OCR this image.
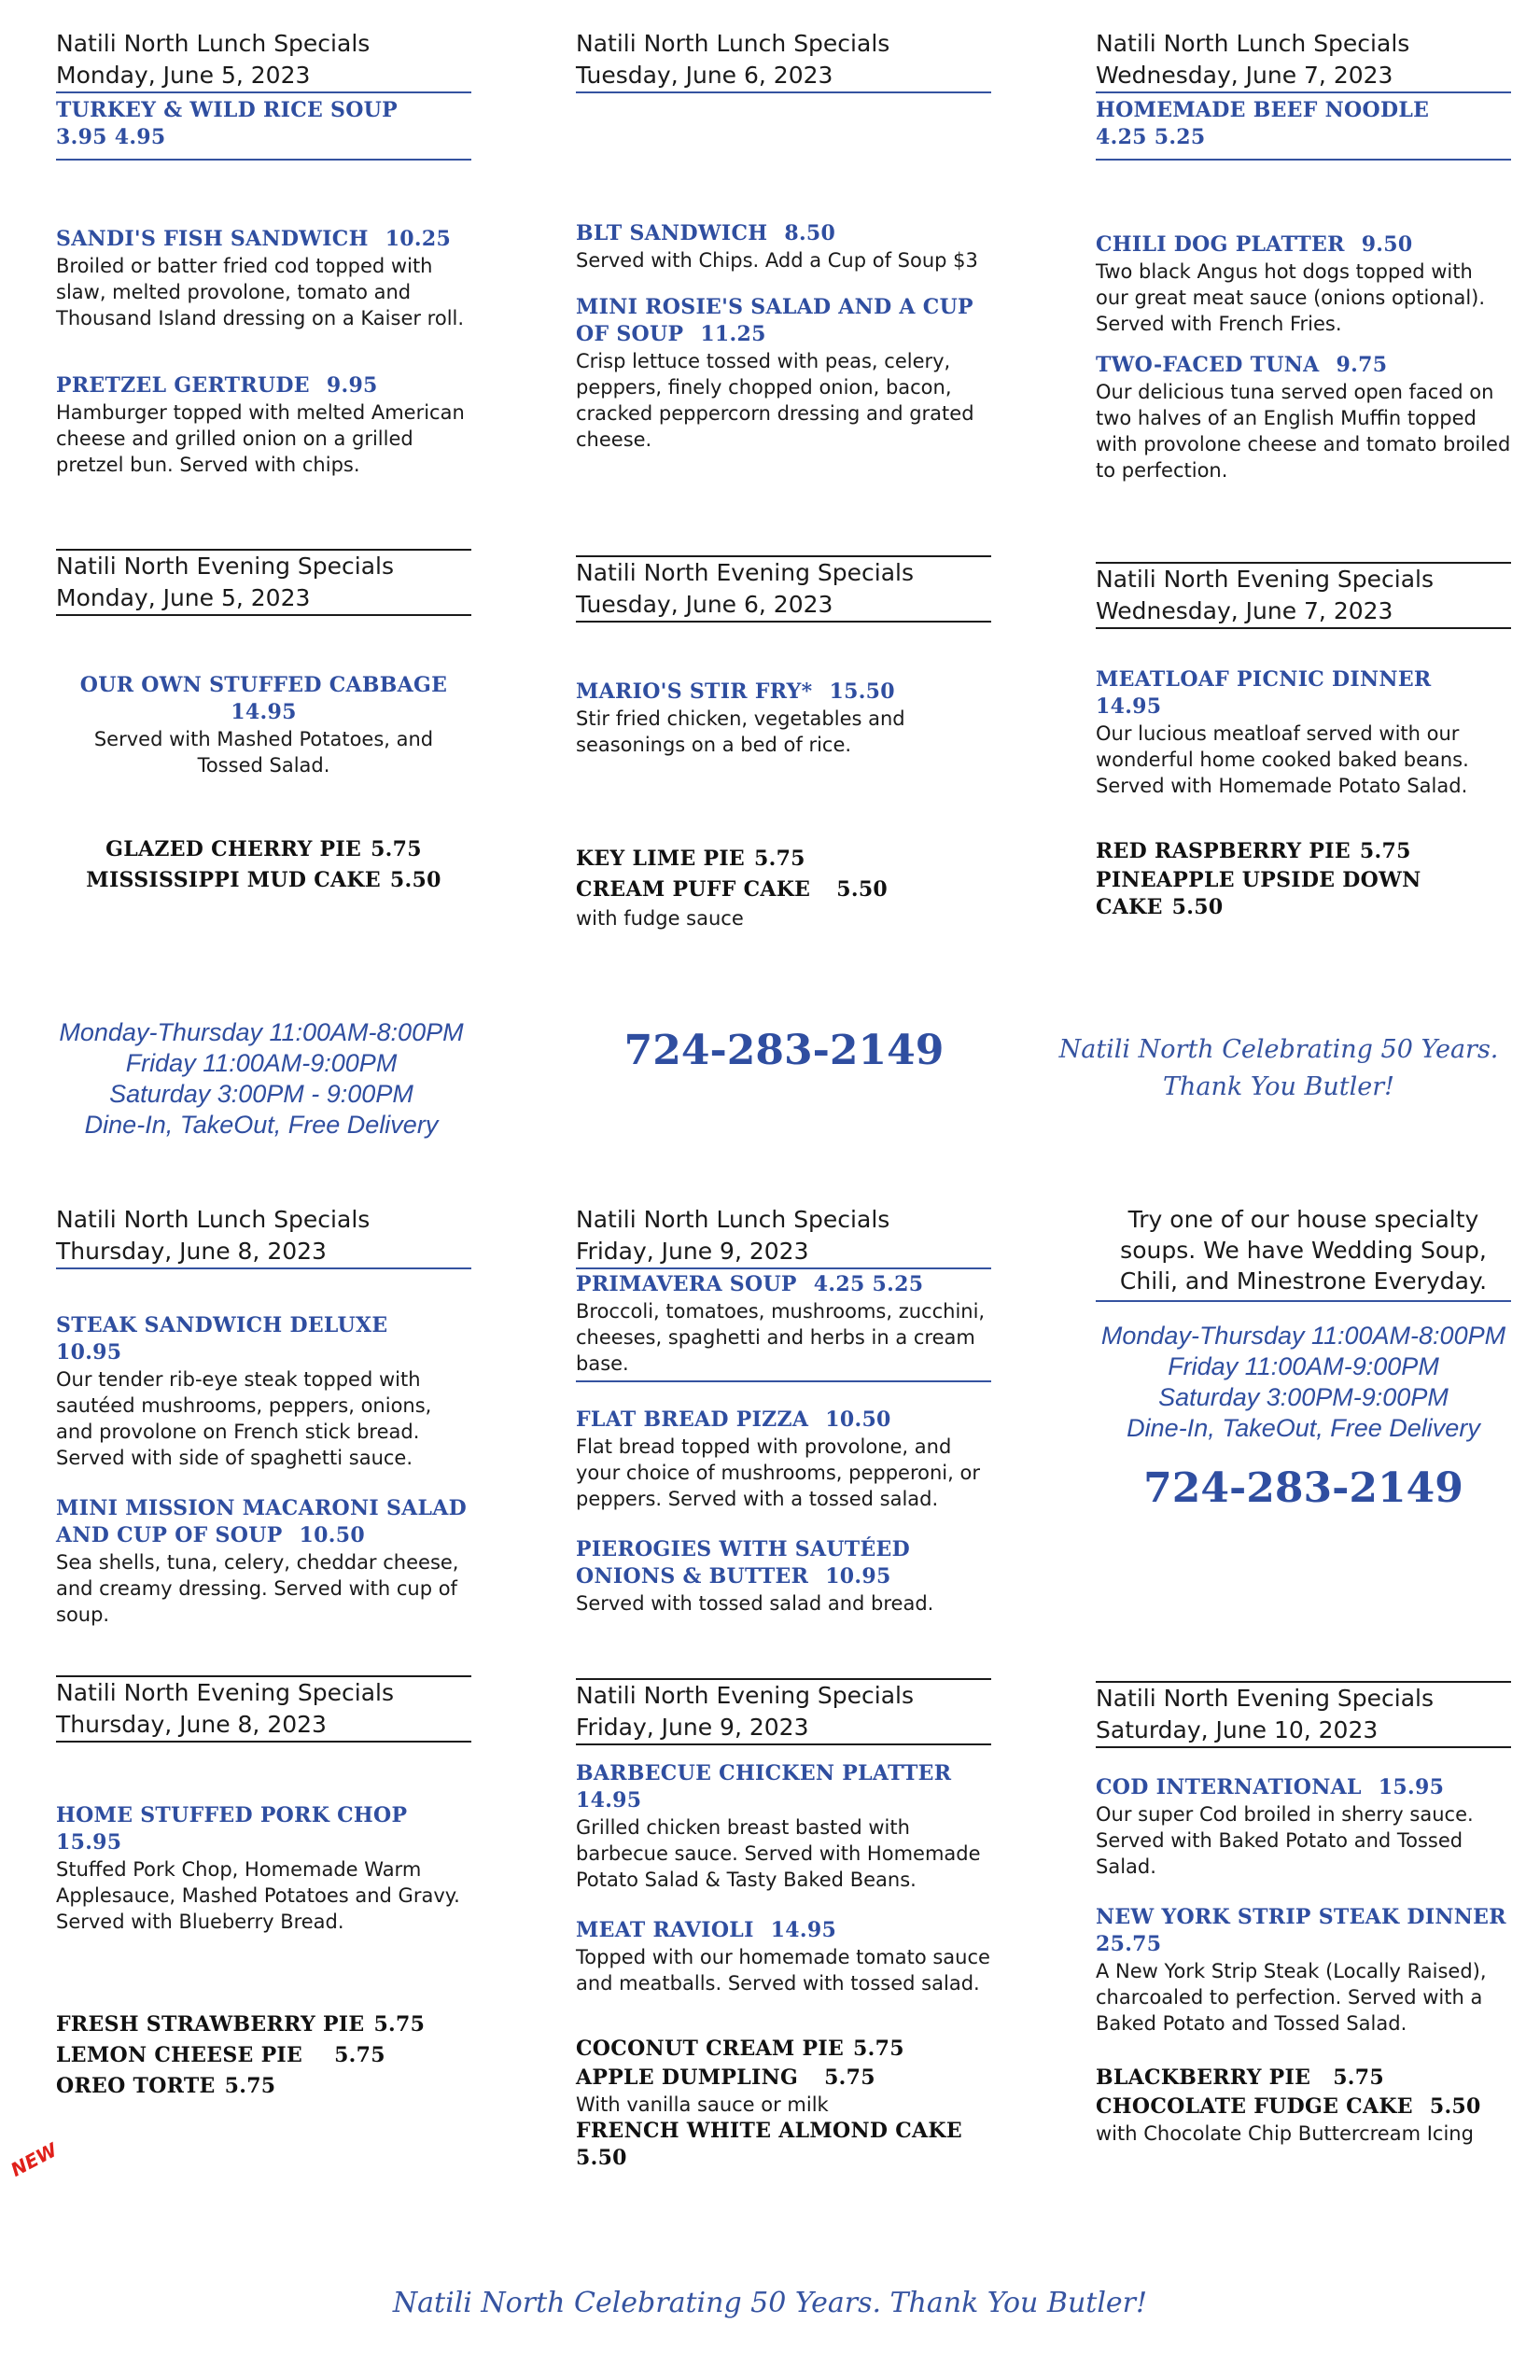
Natili North Lunch Specials
Monday, June 5, 2023
TURKEY & WILD RICE SOUP
3.95 4.95
SANDI'S FISH SANDWICH 10.25
Broiled or batter fried cod topped with slaw, melted provolone, tomato and Thousand Island dressing on a Kaiser roll.
PRETZEL GERTRUDE 9.95
Hamburger topped with melted American cheese and grilled onion on a grilled pretzel bun. Served with chips.
Natili North Lunch Specials
Tuesday, June 6, 2023
BLT SANDWICH 8.50
Served with Chips. Add a Cup of Soup $3
MINI ROSIE'S SALAD AND A CUP OF SOUP 11.25
Crisp lettuce tossed with peas, celery, peppers, finely chopped onion, bacon, cracked peppercorn dressing and grated cheese.
Natili North Lunch Specials
Wednesday, June 7, 2023
HOMEMADE BEEF NOODLE
4.25 5.25
CHILI DOG PLATTER 9.50
Two black Angus hot dogs topped with our great meat sauce (onions optional). Served with French Fries.
TWO-FACED TUNA 9.75
Our delicious tuna served open faced on two halves of an English Muffin topped with provolone cheese and tomato broiled to perfection.
Natili North Evening Specials
Monday, June 5, 2023
OUR OWN STUFFED CABBAGE
14.95
Served with Mashed Potatoes, and Tossed Salad.
GLAZED CHERRY PIE 5.75
MISSISSIPPI MUD CAKE 5.50
Natili North Evening Specials
Tuesday, June 6, 2023
MARIO'S STIR FRY* 15.50
Stir fried chicken, vegetables and seasonings on a bed of rice.
KEY LIME PIE 5.75
CREAM PUFF CAKE 5.50
with fudge sauce
Natili North Evening Specials
Wednesday, June 7, 2023
MEATLOAF PICNIC DINNER
14.95
Our lucious meatloaf served with our wonderful home cooked baked beans. Served with Homemade Potato Salad.
RED RASPBERRY PIE 5.75
PINEAPPLE UPSIDE DOWN CAKE 5.50
Monday-Thursday 11:00AM-8:00PM
Friday 11:00AM-9:00PM
Saturday 3:00PM - 9:00PM
Dine-In, TakeOut, Free Delivery
724-283-2149	Natili North Celebrating 50 Years.
Thank You Butler!
Natili North Lunch Specials
Thursday, June 8, 2023
STEAK SANDWICH DELUXE
10.95
Our tender rib-eye steak topped with sautéed mushrooms, peppers, onions, and provolone on French stick bread. Served with side of spaghetti sauce.
MINI MISSION MACARONI SALAD AND CUP OF SOUP 10.50
Sea shells, tuna, celery, cheddar cheese, and creamy dressing. Served with cup of soup.
Natili North Lunch Specials
Friday, June 9, 2023
PRIMAVERA SOUP 4.25 5.25
Broccoli, tomatoes, mushrooms, zucchini, cheeses, spaghetti and herbs in a cream base.
FLAT BREAD PIZZA 10.50
Flat bread topped with provolone, and your choice of mushrooms, pepperoni, or peppers. Served with a tossed salad.
PIEROGIES WITH SAUTÉED ONIONS & BUTTER 10.95
Served with tossed salad and bread.
Try one of our house specialty soups. We have Wedding Soup, Chili, and Minestrone Everyday.
Monday-Thursday 11:00AM-8:00PM
Friday 11:00AM-9:00PM
Saturday 3:00PM-9:00PM
Dine-In, TakeOut, Free Delivery
724-283-2149
Natili North Evening Specials
Thursday, June 8, 2023
HOME STUFFED PORK CHOP
15.95
Stuffed Pork Chop, Homemade Warm Applesauce, Mashed Potatoes and Gravy. Served with Blueberry Bread.
FRESH STRAWBERRY PIE 5.75
LEMON CHEESE PIE 5.75
OREO TORTE 5.75
NEW
Natili North Evening Specials
Friday, June 9, 2023
BARBECUE CHICKEN PLATTER
14.95
Grilled chicken breast basted with barbecue sauce. Served with Homemade Potato Salad & Tasty Baked Beans.
MEAT RAVIOLI 14.95
Topped with our homemade tomato sauce and meatballs. Served with tossed salad.
COCONUT CREAM PIE 5.75
APPLE DUMPLING 5.75
With vanilla sauce or milk
FRENCH WHITE ALMOND CAKE
5.50
Natili North Evening Specials
Saturday, June 10, 2023
COD INTERNATIONAL 15.95
Our super Cod broiled in sherry sauce. Served with Baked Potato and Tossed Salad.
NEW YORK STRIP STEAK DINNER
25.75
A New York Strip Steak (Locally Raised), charcoaled to perfection. Served with a Baked Potato and Tossed Salad.
BLACKBERRY PIE 5.75
CHOCOLATE FUDGE CAKE 5.50
with Chocolate Chip Buttercream Icing
Natili North Celebrating 50 Years. Thank You Butler!
